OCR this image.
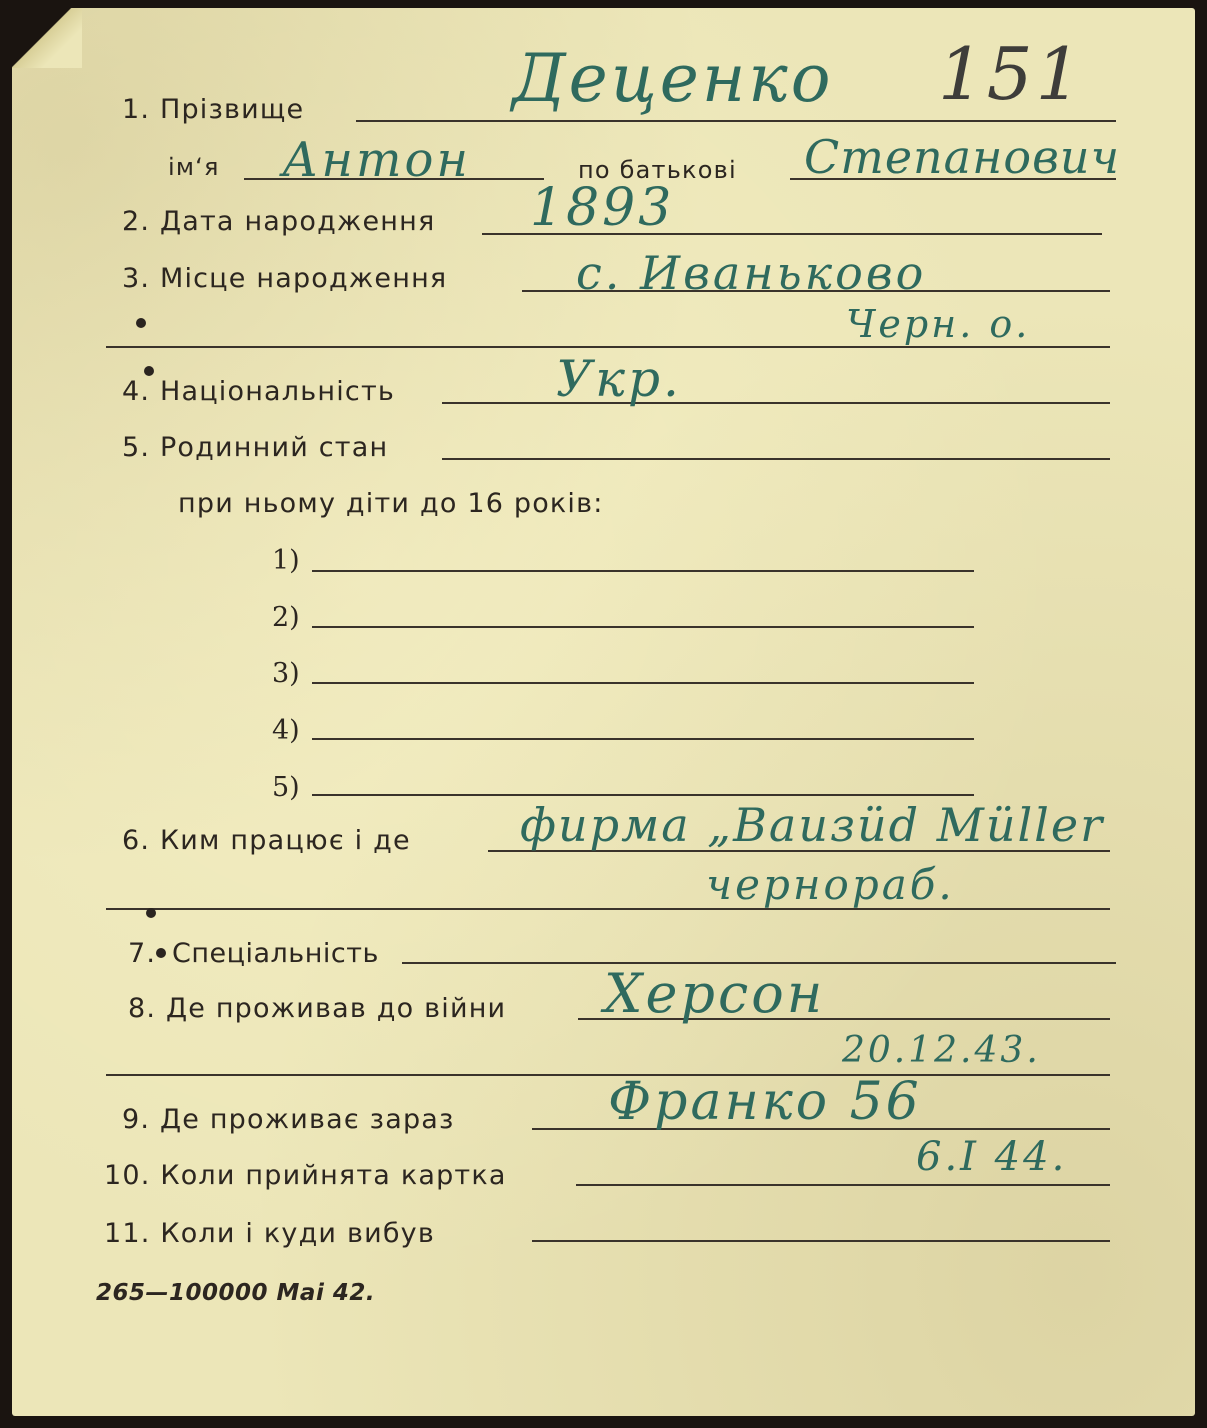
1. Прізвище
ім‘я	по батькові
2. Дата народження
3. Місце народження
4. Національність
5. Родинний стан
при ньому діти до 16 років:
1)
2)
3)
4)
5)
6. Ким працює і де
7. Спеціальність
8. Де проживав до війни
9. Де проживає зараз
10. Коли прийнята картка
11. Коли і куди вибув
265—100000 Mai 42.
Деценко 151
Антон	Степанович
1893
с. Иваньково
Черн. о.
Укр.
фирма „Bauзüd Müller
черноpaб.
Херсон
20.12.43.
Франко 56
6.I 44.
